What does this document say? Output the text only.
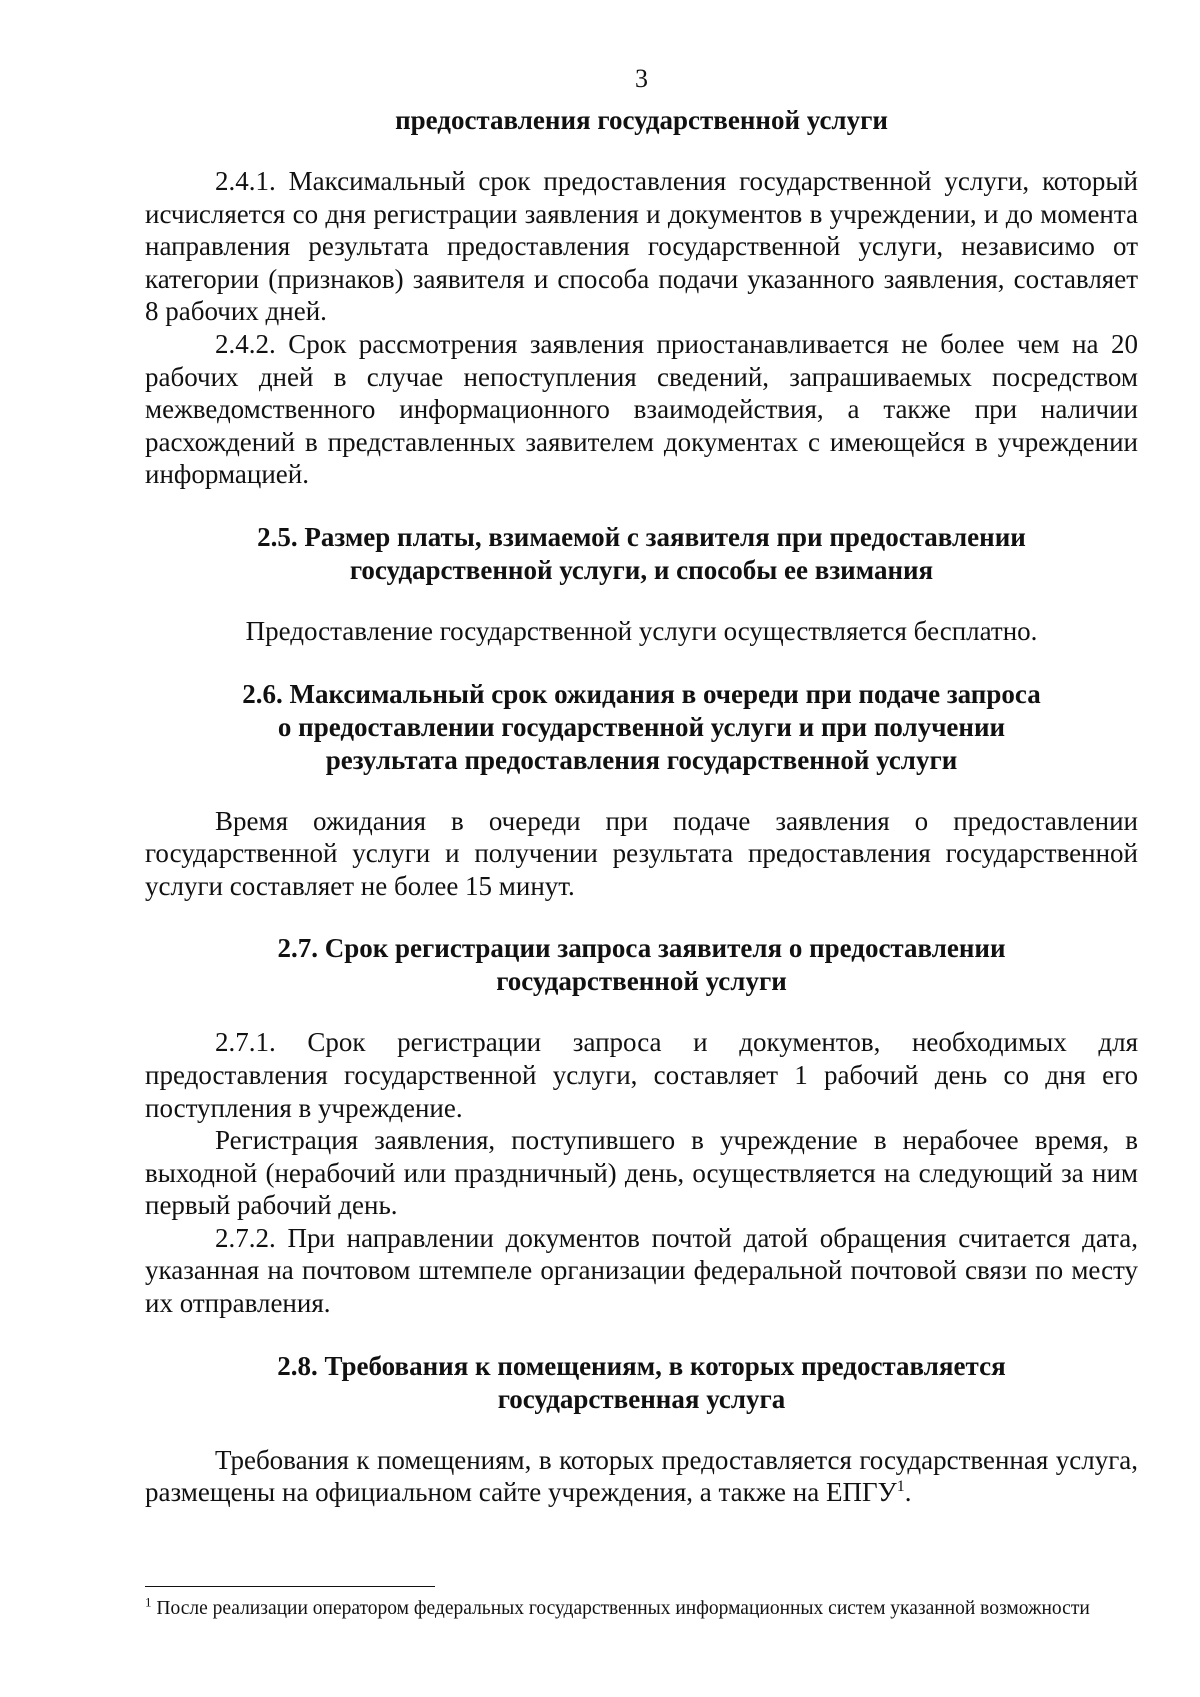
3
предоставления государственной услуги

2.4.1. Максимальный срок предоставления государственной услуги, который исчисляется со дня регистрации заявления и документов в учреждении, и до момента направления результата предоставления государственной услуги, независимо от категории (признаков) заявителя и способа подачи указанного заявления, составляет 8 рабочих дней.

2.4.2. Срок рассмотрения заявления приостанавливается не более чем на 20 рабочих дней в случае непоступления сведений, запрашиваемых посредством межведомственного информационного взаимодействия, а также при наличии расхождений в представленных заявителем документах с имеющейся в учреждении информацией.

2.5. Размер платы, взимаемой с заявителя при предоставлении
государственной услуги, и способы ее взимания

Предоставление государственной услуги осуществляется бесплатно.

2.6. Максимальный срок ожидания в очереди при подаче запроса
о предоставлении государственной услуги и при получении
результата предоставления государственной услуги

Время ожидания в очереди при подаче заявления о предоставлении государственной услуги и получении результата предоставления государственной услуги составляет не более 15 минут.

2.7. Срок регистрации запроса заявителя о предоставлении
государственной услуги

2.7.1. Срок регистрации запроса и документов, необходимых для предоставления государственной услуги, составляет 1 рабочий день со дня его поступления в учреждение.

Регистрация заявления, поступившего в учреждение в нерабочее время, в выходной (нерабочий или праздничный) день, осуществляется на следующий за ним первый рабочий день.

2.7.2. При направлении документов почтой датой обращения считается дата, указанная на почтовом штемпеле организации федеральной почтовой связи по месту их отправления.

2.8. Требования к помещениям, в которых предоставляется
государственная услуга

Требования к помещениям, в которых предоставляется государственная услуга, размещены на официальном сайте учреждения, а также на ЕПГУ$^1$.

$^1$ После реализации оператором федеральных государственных информационных систем указанной возможности
